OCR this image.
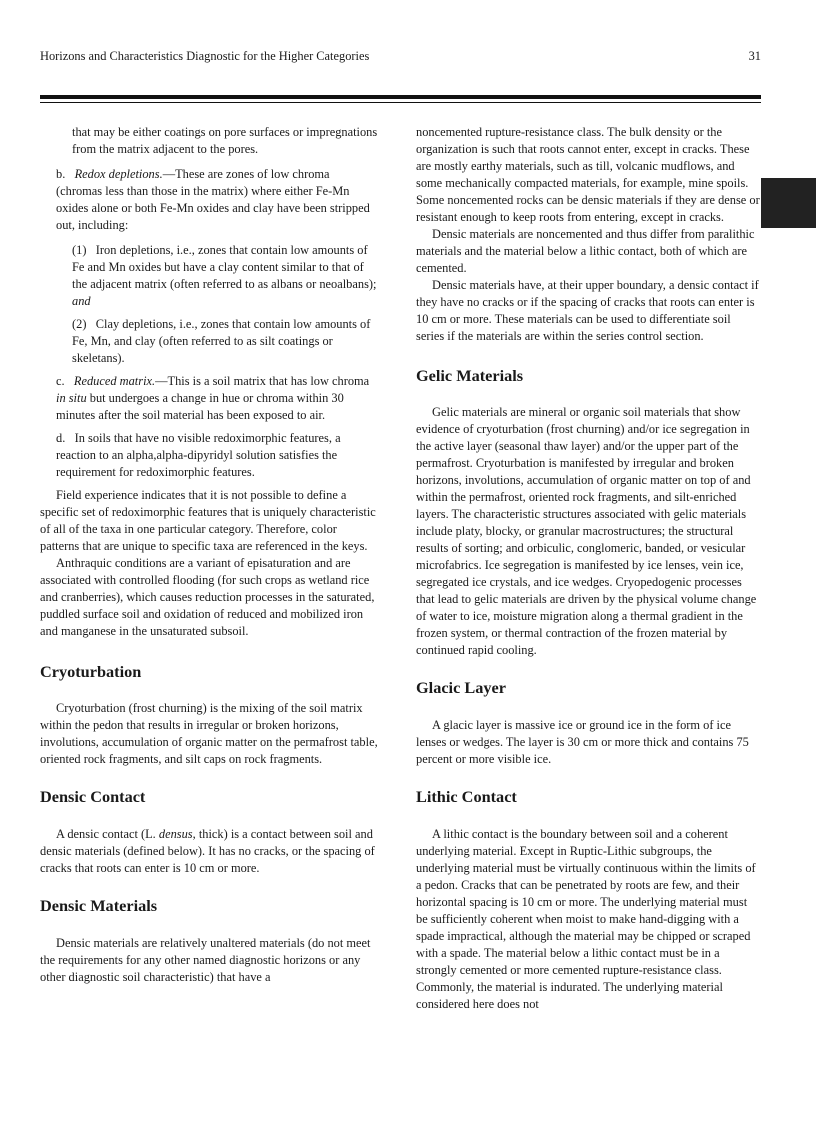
Horizons and Characteristics Diagnostic for the Higher Categories	31

that may be either coatings on pore surfaces or impregnations from the matrix adjacent to the pores.

b. Redox depletions.—These are zones of low chroma (chromas less than those in the matrix) where either Fe-Mn oxides alone or both Fe-Mn oxides and clay have been stripped out, including:

(1) Iron depletions, i.e., zones that contain low amounts of Fe and Mn oxides but have a clay content similar to that of the adjacent matrix (often referred to as albans or neoalbans); and

(2) Clay depletions, i.e., zones that contain low amounts of Fe, Mn, and clay (often referred to as silt coatings or skeletans).

c. Reduced matrix.—This is a soil matrix that has low chroma in situ but undergoes a change in hue or chroma within 30 minutes after the soil material has been exposed to air.

d. In soils that have no visible redoximorphic features, a reaction to an alpha,alpha-dipyridyl solution satisfies the requirement for redoximorphic features.

Field experience indicates that it is not possible to define a specific set of redoximorphic features that is uniquely characteristic of all of the taxa in one particular category. Therefore, color patterns that are unique to specific taxa are referenced in the keys.

Anthraquic conditions are a variant of episaturation and are associated with controlled flooding (for such crops as wetland rice and cranberries), which causes reduction processes in the saturated, puddled surface soil and oxidation of reduced and mobilized iron and manganese in the unsaturated subsoil.

Cryoturbation

Cryoturbation (frost churning) is the mixing of the soil matrix within the pedon that results in irregular or broken horizons, involutions, accumulation of organic matter on the permafrost table, oriented rock fragments, and silt caps on rock fragments.

Densic Contact

A densic contact (L. densus, thick) is a contact between soil and densic materials (defined below). It has no cracks, or the spacing of cracks that roots can enter is 10 cm or more.

Densic Materials

Densic materials are relatively unaltered materials (do not meet the requirements for any other named diagnostic horizons or any other diagnostic soil characteristic) that have a

noncemented rupture-resistance class. The bulk density or the organization is such that roots cannot enter, except in cracks. These are mostly earthy materials, such as till, volcanic mudflows, and some mechanically compacted materials, for example, mine spoils. Some noncemented rocks can be densic materials if they are dense or resistant enough to keep roots from entering, except in cracks.

Densic materials are noncemented and thus differ from paralithic materials and the material below a lithic contact, both of which are cemented.

Densic materials have, at their upper boundary, a densic contact if they have no cracks or if the spacing of cracks that roots can enter is 10 cm or more. These materials can be used to differentiate soil series if the materials are within the series control section.

Gelic Materials

Gelic materials are mineral or organic soil materials that show evidence of cryoturbation (frost churning) and/or ice segregation in the active layer (seasonal thaw layer) and/or the upper part of the permafrost. Cryoturbation is manifested by irregular and broken horizons, involutions, accumulation of organic matter on top of and within the permafrost, oriented rock fragments, and silt-enriched layers. The characteristic structures associated with gelic materials include platy, blocky, or granular macrostructures; the structural results of sorting; and orbiculic, conglomeric, banded, or vesicular microfabrics. Ice segregation is manifested by ice lenses, vein ice, segregated ice crystals, and ice wedges. Cryopedogenic processes that lead to gelic materials are driven by the physical volume change of water to ice, moisture migration along a thermal gradient in the frozen system, or thermal contraction of the frozen material by continued rapid cooling.

Glacic Layer

A glacic layer is massive ice or ground ice in the form of ice lenses or wedges. The layer is 30 cm or more thick and contains 75 percent or more visible ice.

Lithic Contact

A lithic contact is the boundary between soil and a coherent underlying material. Except in Ruptic-Lithic subgroups, the underlying material must be virtually continuous within the limits of a pedon. Cracks that can be penetrated by roots are few, and their horizontal spacing is 10 cm or more. The underlying material must be sufficiently coherent when moist to make hand-digging with a spade impractical, although the material may be chipped or scraped with a spade. The material below a lithic contact must be in a strongly cemented or more cemented rupture-resistance class. Commonly, the material is indurated. The underlying material considered here does not
